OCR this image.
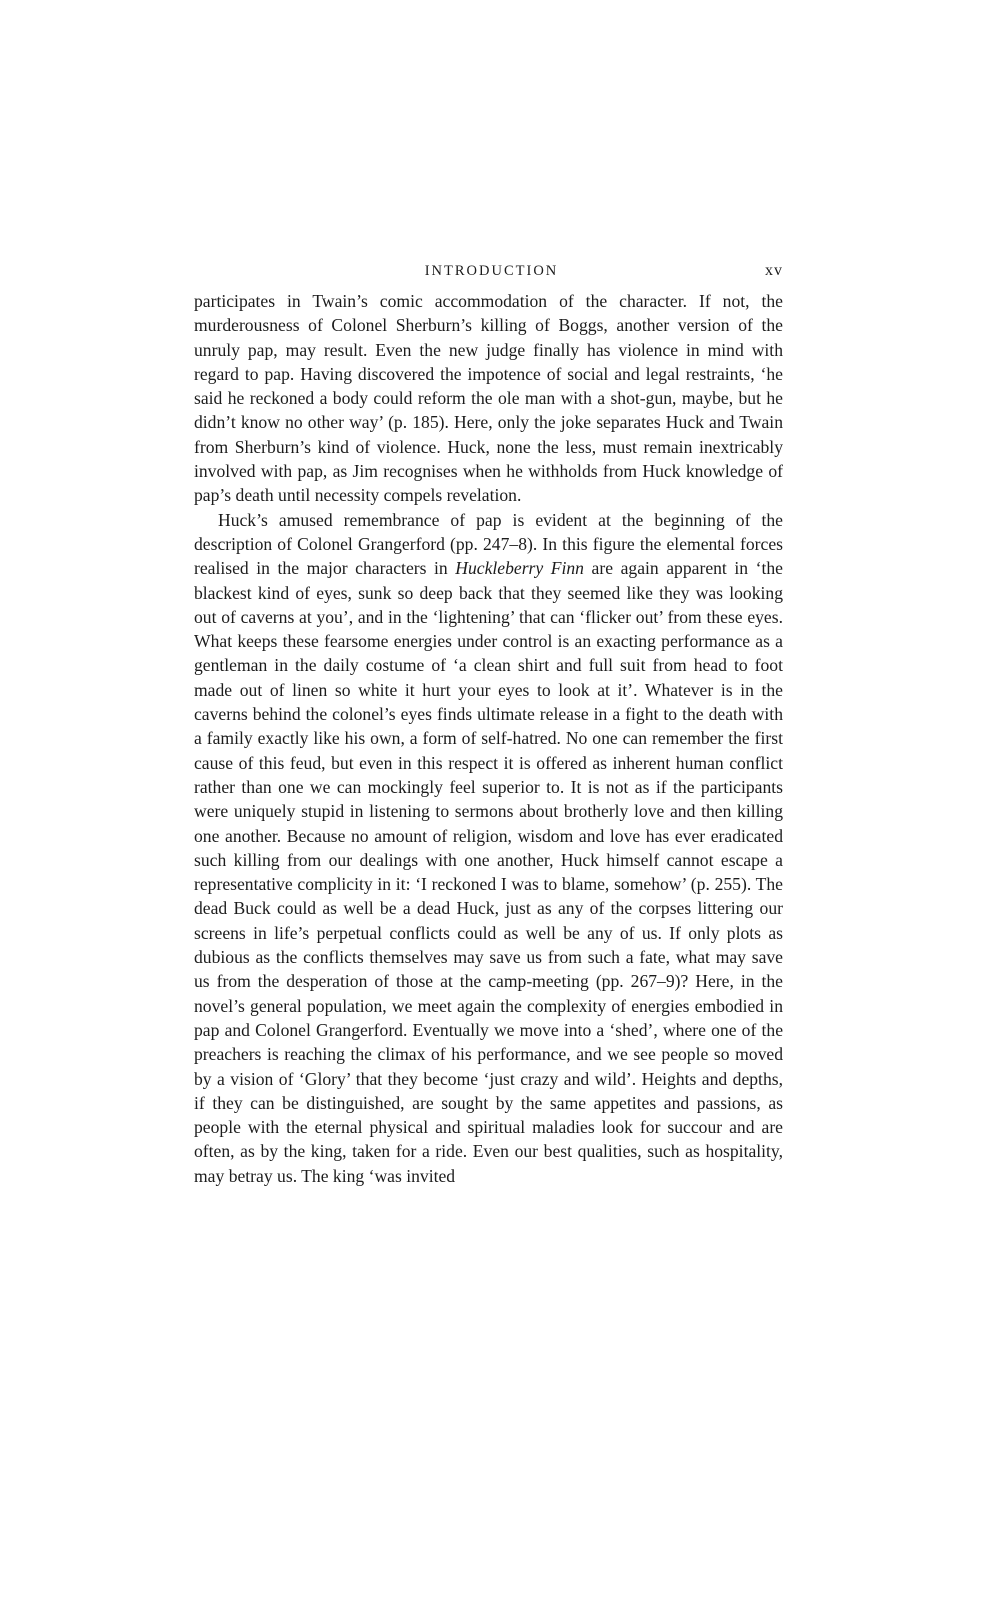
INTRODUCTION	xv

participates in Twain’s comic accommodation of the character. If not, the murderousness of Colonel Sherburn’s killing of Boggs, another version of the unruly pap, may result. Even the new judge finally has violence in mind with regard to pap. Having discovered the impotence of social and legal restraints, ‘he said he reckoned a body could reform the ole man with a shot-gun, maybe, but he didn’t know no other way’ (p. 185). Here, only the joke separates Huck and Twain from Sherburn’s kind of violence. Huck, none the less, must remain inextricably involved with pap, as Jim recognises when he withholds from Huck knowledge of pap’s death until necessity compels revelation.

Huck’s amused remembrance of pap is evident at the beginning of the description of Colonel Grangerford (pp. 247–8). In this figure the elemental forces realised in the major characters in Huckleberry Finn are again apparent in ‘the blackest kind of eyes, sunk so deep back that they seemed like they was looking out of caverns at you’, and in the ‘lightening’ that can ‘flicker out’ from these eyes. What keeps these fearsome energies under control is an exacting performance as a gentleman in the daily costume of ‘a clean shirt and full suit from head to foot made out of linen so white it hurt your eyes to look at it’. Whatever is in the caverns behind the colonel’s eyes finds ultimate release in a fight to the death with a family exactly like his own, a form of self-hatred. No one can remember the first cause of this feud, but even in this respect it is offered as inherent human conflict rather than one we can mockingly feel superior to. It is not as if the participants were uniquely stupid in listening to sermons about brotherly love and then killing one another. Because no amount of religion, wisdom and love has ever eradicated such killing from our dealings with one another, Huck himself cannot escape a representative complicity in it: ‘I reckoned I was to blame, somehow’ (p. 255). The dead Buck could as well be a dead Huck, just as any of the corpses littering our screens in life’s perpetual conflicts could as well be any of us. If only plots as dubious as the conflicts themselves may save us from such a fate, what may save us from the desperation of those at the camp-meeting (pp. 267–9)? Here, in the novel’s general population, we meet again the complexity of energies embodied in pap and Colonel Grangerford. Eventually we move into a ‘shed’, where one of the preachers is reaching the climax of his performance, and we see people so moved by a vision of ‘Glory’ that they become ‘just crazy and wild’. Heights and depths, if they can be distinguished, are sought by the same appetites and passions, as people with the eternal physical and spiritual maladies look for succour and are often, as by the king, taken for a ride. Even our best qualities, such as hospitality, may betray us. The king ‘was invited
